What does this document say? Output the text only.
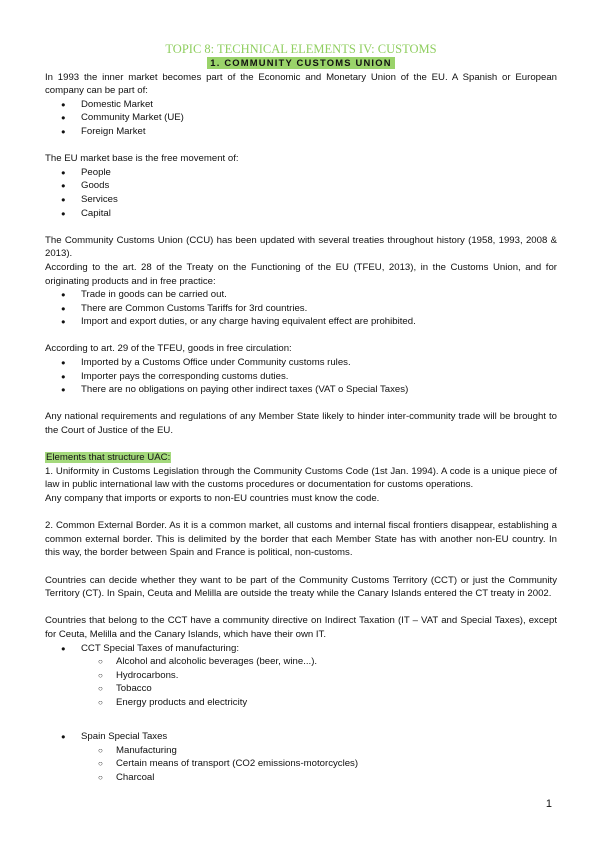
TOPIC 8: TECHNICAL ELEMENTS IV: CUSTOMS
1. COMMUNITY CUSTOMS UNION

In 1993 the inner market becomes part of the Economic and Monetary Union of the EU. A Spanish or European company can be part of:

● Domestic Market
● Community Market (UE)
● Foreign Market

The EU market base is the free movement of:

● People
● Goods
● Services
● Capital

The Community Customs Union (CCU) has been updated with several treaties throughout history (1958, 1993, 2008 & 2013).

According to the art. 28 of the Treaty on the Functioning of the EU (TFEU, 2013), in the Customs Union, and for originating products and in free practice:

● Trade in goods can be carried out.
● There are Common Customs Tariffs for 3rd countries.
● Import and export duties, or any charge having equivalent effect are prohibited.

According to art. 29 of the TFEU, goods in free circulation:

● Imported by a Customs Office under Community customs rules.
● Importer pays the corresponding customs duties.
● There are no obligations on paying other indirect taxes (VAT o Special Taxes)

Any national requirements and regulations of any Member State likely to hinder inter-community trade will be brought to the Court of Justice of the EU.

Elements that structure UAC:

1. Uniformity in Customs Legislation through the Community Customs Code (1st Jan. 1994). A code is a unique piece of law in public international law with the customs procedures or documentation for customs operations.

Any company that imports or exports to non-EU countries must know the code.

2. Common External Border. As it is a common market, all customs and internal fiscal frontiers disappear, establishing a common external border. This is delimited by the border that each Member State has with another non-EU country. In this way, the border between Spain and France is political, non-customs.

Countries can decide whether they want to be part of the Community Customs Territory (CCT) or just the Community Territory (CT). In Spain, Ceuta and Melilla are outside the treaty while the Canary Islands entered the CT treaty in 2002.

Countries that belong to the CCT have a community directive on Indirect Taxation (IT – VAT and Special Taxes), except for Ceuta, Melilla and the Canary Islands, which have their own IT.

● CCT Special Taxes of manufacturing:
○ Alcohol and alcoholic beverages (beer, wine...).
○ Hydrocarbons.
○ Tobacco
○ Energy products and electricity
● Spain Special Taxes
○ Manufacturing
○ Certain means of transport (CO2 emissions-motorcycles)
○ Charcoal
1
